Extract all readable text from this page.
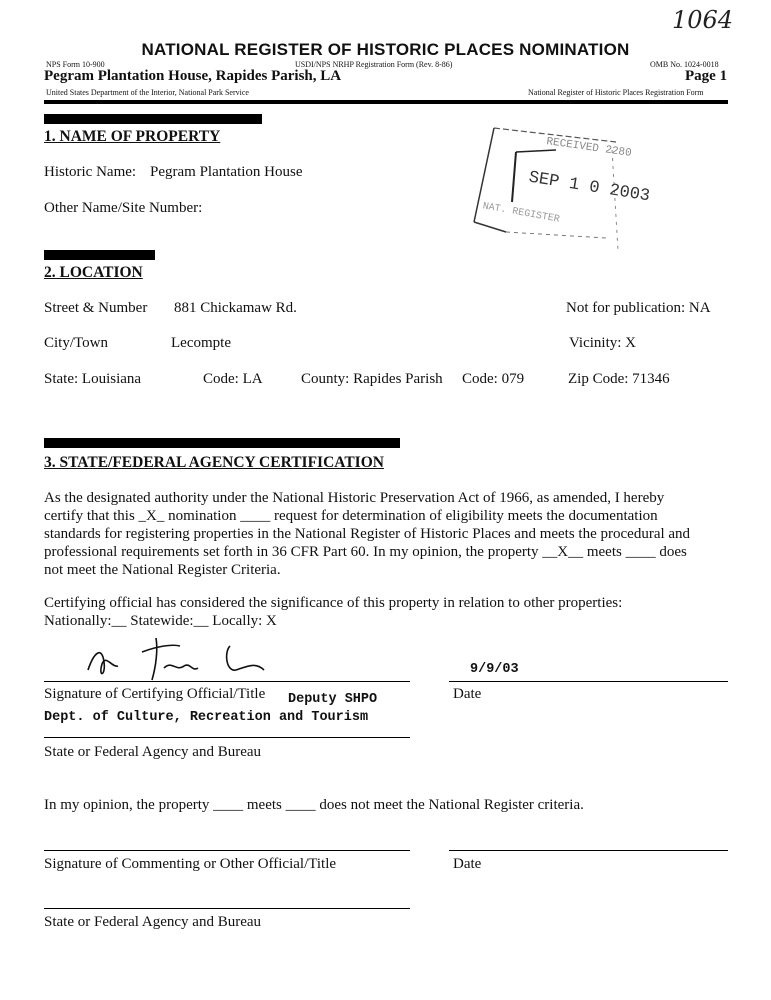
1064
NATIONAL REGISTER OF HISTORIC PLACES NOMINATION
NPS Form 10-900	USDI/NPS NRHP Registration Form (Rev. 8-86)	OMB No. 1024-0018
Pegram Plantation House, Rapides Parish, LA	Page 1
United States Department of the Interior, National Park Service	National Register of Historic Places Registration Form
RECEIVED 2280
SEP 1 0 2003
NAT. REGISTER
1. NAME OF PROPERTY
Historic Name: Pegram Plantation House
Other Name/Site Number:
2. LOCATION
Street & Number 881 Chickamaw Rd.	Not for publication: NA
City/Town	Lecompte	Vicinity: X
State: Louisiana	Code: LA	County: Rapides Parish Code: 079	Zip Code: 71346
3. STATE/FEDERAL AGENCY CERTIFICATION
As the designated authority under the National Historic Preservation Act of 1966, as amended, I hereby
certify that this _X_ nomination ____ request for determination of eligibility meets the documentation
standards for registering properties in the National Register of Historic Places and meets the procedural and
professional requirements set forth in 36 CFR Part 60. In my opinion, the property __X__ meets ____ does
not meet the National Register Criteria.
Certifying official has considered the significance of this property in relation to other properties:
Nationally:__ Statewide:__ Locally: X
9/9/03
Signature of Certifying Official/Title Deputy SHPO	Date
Dept. of Culture, Recreation and Tourism
State or Federal Agency and Bureau
In my opinion, the property ____ meets ____ does not meet the National Register criteria.
Signature of Commenting or Other Official/Title	Date
State or Federal Agency and Bureau
